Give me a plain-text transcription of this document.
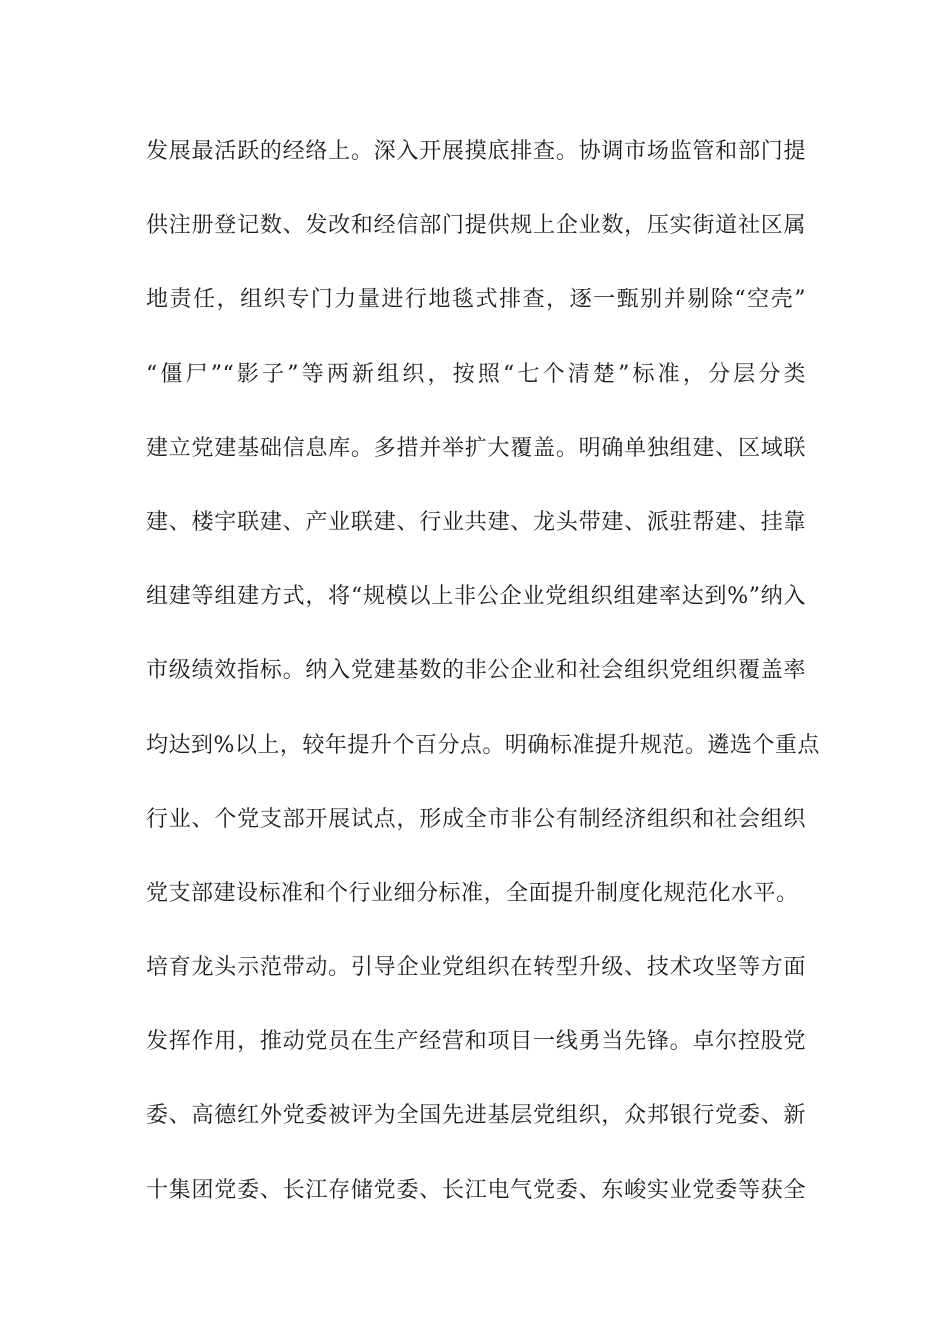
发展最活跃的经络上。深入开展摸底排查。协调市场监管和部门提
供注册登记数、发改和经信部门提供规上企业数，压实街道社区属
地责任，组织专门力量进行地毯式排查，逐一甄别并剔除“空壳”
“僵尸”“影子”等两新组织，按照“七个清楚”标准，分层分类
建立党建基础信息库。多措并举扩大覆盖。明确单独组建、区域联
建、楼宇联建、产业联建、行业共建、龙头带建、派驻帮建、挂靠
组建等组建方式，将“规模以上非公企业党组织组建率达到%”纳入
市级绩效指标。纳入党建基数的非公企业和社会组织党组织覆盖率
均达到%以上，较年提升个百分点。明确标准提升规范。遴选个重点
行业、个党支部开展试点，形成全市非公有制经济组织和社会组织
党支部建设标准和个行业细分标准，全面提升制度化规范化水平。
培育龙头示范带动。引导企业党组织在转型升级、技术攻坚等方面
发挥作用，推动党员在生产经营和项目一线勇当先锋。卓尔控股党
委、高德红外党委被评为全国先进基层党组织，众邦银行党委、新
十集团党委、长江存储党委、长江电气党委、东峻实业党委等获全
